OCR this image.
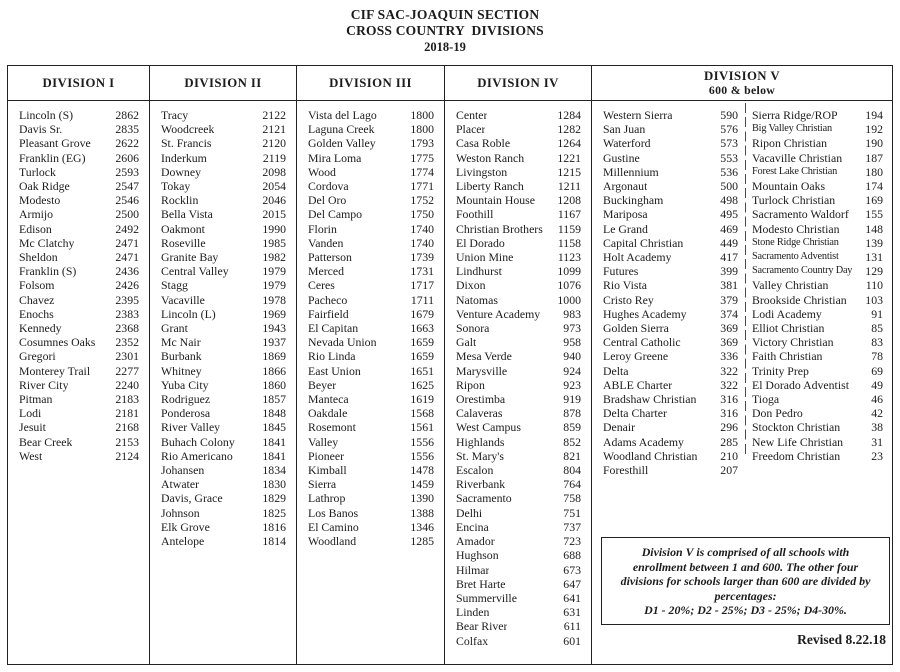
CIF SAC-JOAQUIN SECTION
CROSS COUNTRY  DIVISIONS
2018-19
DIVISION I
Lincoln (S)	2862
Davis Sr.	2835
Pleasant Grove	2622
Franklin (EG)	2606
Turlock	2593
Oak Ridge	2547
Modesto	2546
Armijo	2500
Edison	2492
Mc Clatchy	2471
Sheldon	2471
Franklin (S)	2436
Folsom	2426
Chavez	2395
Enochs	2383
Kennedy	2368
Cosumnes Oaks	2352
Gregori	2301
Monterey Trail	2277
River City	2240
Pitman	2183
Lodi	2181
Jesuit	2168
Bear Creek	2153
West	2124
DIVISION II
Tracy	2122
Woodcreek	2121
St. Francis	2120
Inderkum	2119
Downey	2098
Tokay	2054
Rocklin	2046
Bella Vista	2015
Oakmont	1990
Roseville	1985
Granite Bay	1982
Central Valley	1979
Stagg	1979
Vacaville	1978
Lincoln (L)	1969
Grant	1943
Mc Nair	1937
Burbank	1869
Whitney	1866
Yuba City	1860
Rodriguez	1857
Ponderosa	1848
River Valley	1845
Buhach Colony	1841
Rio Americano	1841
Johansen	1834
Atwater	1830
Davis, Grace	1829
Johnson	1825
Elk Grove	1816
Antelope	1814
DIVISION III
Vista del Lago	1800
Laguna Creek	1800
Golden Valley	1793
Mira Loma	1775
Wood	1774
Cordova	1771
Del Oro	1752
Del Campo	1750
Florin	1740
Vanden	1740
Patterson	1739
Merced	1731
Ceres	1717
Pacheco	1711
Fairfield	1679
El Capitan	1663
Nevada Union	1659
Rio Linda	1659
East Union	1651
Beyer	1625
Manteca	1619
Oakdale	1568
Rosemont	1561
Valley	1556
Pioneer	1556
Kimball	1478
Sierra	1459
Lathrop	1390
Los Banos	1388
El Camino	1346
Woodland	1285
DIVISION IV
Center	1284
Placer	1282
Casa Roble	1264
Weston Ranch	1221
Livingston	1215
Liberty Ranch	1211
Mountain House	1208
Foothill	1167
Christian Brothers	1159
El Dorado	1158
Union Mine	1123
Lindhurst	1099
Dixon	1076
Natomas	1000
Venture Academy	983
Sonora	973
Galt	958
Mesa Verde	940
Marysville	924
Ripon	923
Orestimba	919
Calaveras	878
West Campus	859
Highlands	852
St. Mary's	821
Escalon	804
Riverbank	764
Sacramento	758
Delhi	751
Encina	737
Amador	723
Hughson	688
Hilmar	673
Bret Harte	647
Summerville	641
Linden	631
Bear River	611
Colfax	601
DIVISION V
600 & below
Western Sierra	590
San Juan	576
Waterford	573
Gustine	553
Millennium	536
Argonaut	500
Buckingham	498
Mariposa	495
Le Grand	469
Capital Christian	449
Holt Academy	417
Futures	399
Rio Vista	381
Cristo Rey	379
Hughes Academy	374
Golden Sierra	369
Central Catholic	369
Leroy Greene	336
Delta	322
ABLE Charter	322
Bradshaw Christian	316
Delta Charter	316
Denair	296
Adams Academy	285
Woodland Christian	210
Foresthill	207
Sierra Ridge/ROP	194
Big Valley Christian	192
Ripon Christian	190
Vacaville Christian	187
Forest Lake Christian	180
Mountain Oaks	174
Turlock Christian	169
Sacramento Waldorf	155
Modesto Christian	148
Stone Ridge Christian	139
Sacramento Adventist	131
Sacramento Country Day	129
Valley Christian	110
Brookside Christian	103
Lodi Academy	91
Elliot Christian	85
Victory Christian	83
Faith Christian	78
Trinity Prep	69
El Dorado Adventist	49
Tioga	46
Don Pedro	42
Stockton Christian	38
New Life Christian	31
Freedom Christian	23
Division V is comprised of all schools with
enrollment between 1 and 600. The other four
divisions for schools larger than 600 are divided by
percentages:
D1 - 20%; D2 - 25%; D3 - 25%; D4-30%.
Revised 8.22.18
